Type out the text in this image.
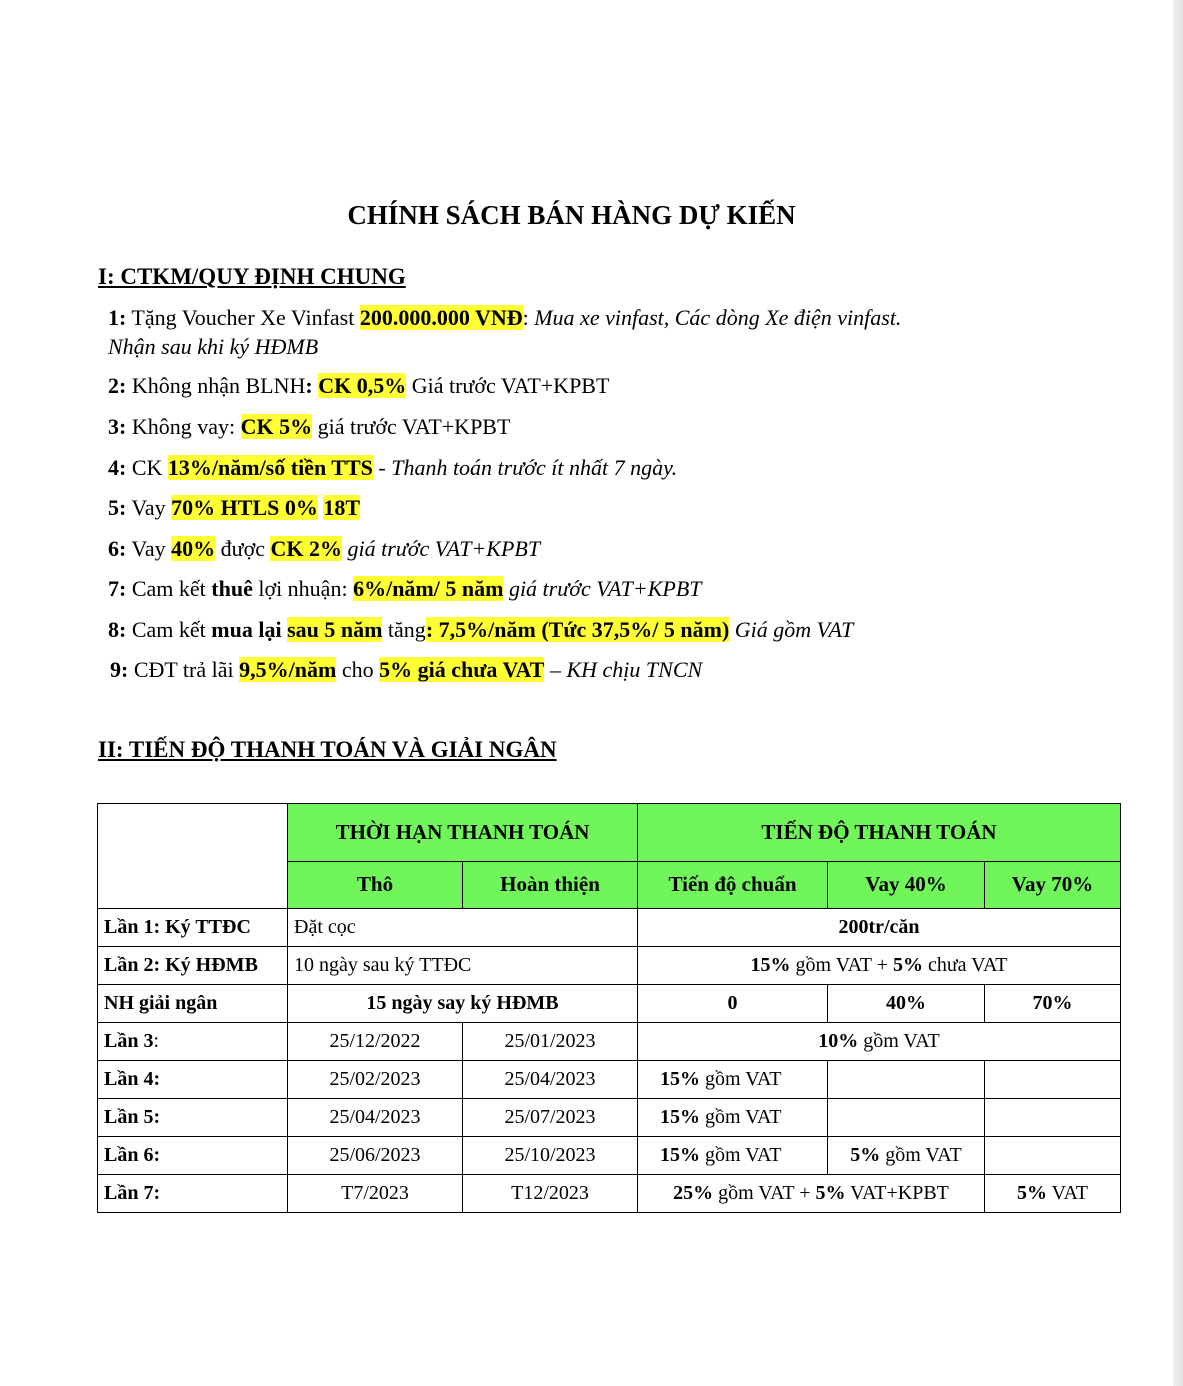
CHÍNH SÁCH BÁN HÀNG DỰ KIẾN
I: CTKM/QUY ĐỊNH CHUNG
1: Tặng Voucher Xe Vinfast 200.000.000 VNĐ: Mua xe vinfast, Các dòng Xe điện vinfast.
Nhận sau khi ký HĐMB
2: Không nhận BLNH: CK 0,5% Giá trước VAT+KPBT
3: Không vay: CK 5% giá trước VAT+KPBT
4: CK 13%/năm/số tiền TTS - Thanh toán trước ít nhất 7 ngày.
5: Vay 70% HTLS 0% 18T
6: Vay 40% được CK 2% giá trước VAT+KPBT
7: Cam kết thuê lợi nhuận: 6%/năm/ 5 năm giá trước VAT+KPBT
8: Cam kết mua lại sau 5 năm tăng: 7,5%/năm (Tức 37,5%/ 5 năm) Giá gồm VAT
9: CĐT trả lãi 9,5%/năm cho 5% giá chưa VAT – KH chịu TNCN
II: TIẾN ĐỘ THANH TOÁN VÀ GIẢI NGÂN
	THỜI HẠN THANH TOÁN		TIẾN ĐỘ THANH TOÁN		
	Thô	Hoàn thiện	Tiến độ chuẩn	Vay 40%	Vay 70%
Lần 1: Ký TTĐC	Đặt cọc		200tr/căn		
Lần 2: Ký HĐMB	10 ngày sau ký TTĐC		15% gồm VAT + 5% chưa VAT		
NH giải ngân	15 ngày say ký HĐMB		0	40%	70%
Lần 3:	25/12/2022	25/01/2023	10% gồm VAT		
Lần 4:	25/02/2023	25/04/2023	15% gồm VAT		
Lần 5:	25/04/2023	25/07/2023	15% gồm VAT		
Lần 6:	25/06/2023	25/10/2023	15% gồm VAT	5% gồm VAT	
Lần 7:	T7/2023	T12/2023	25% gồm VAT + 5% VAT+KPBT		5% VAT
